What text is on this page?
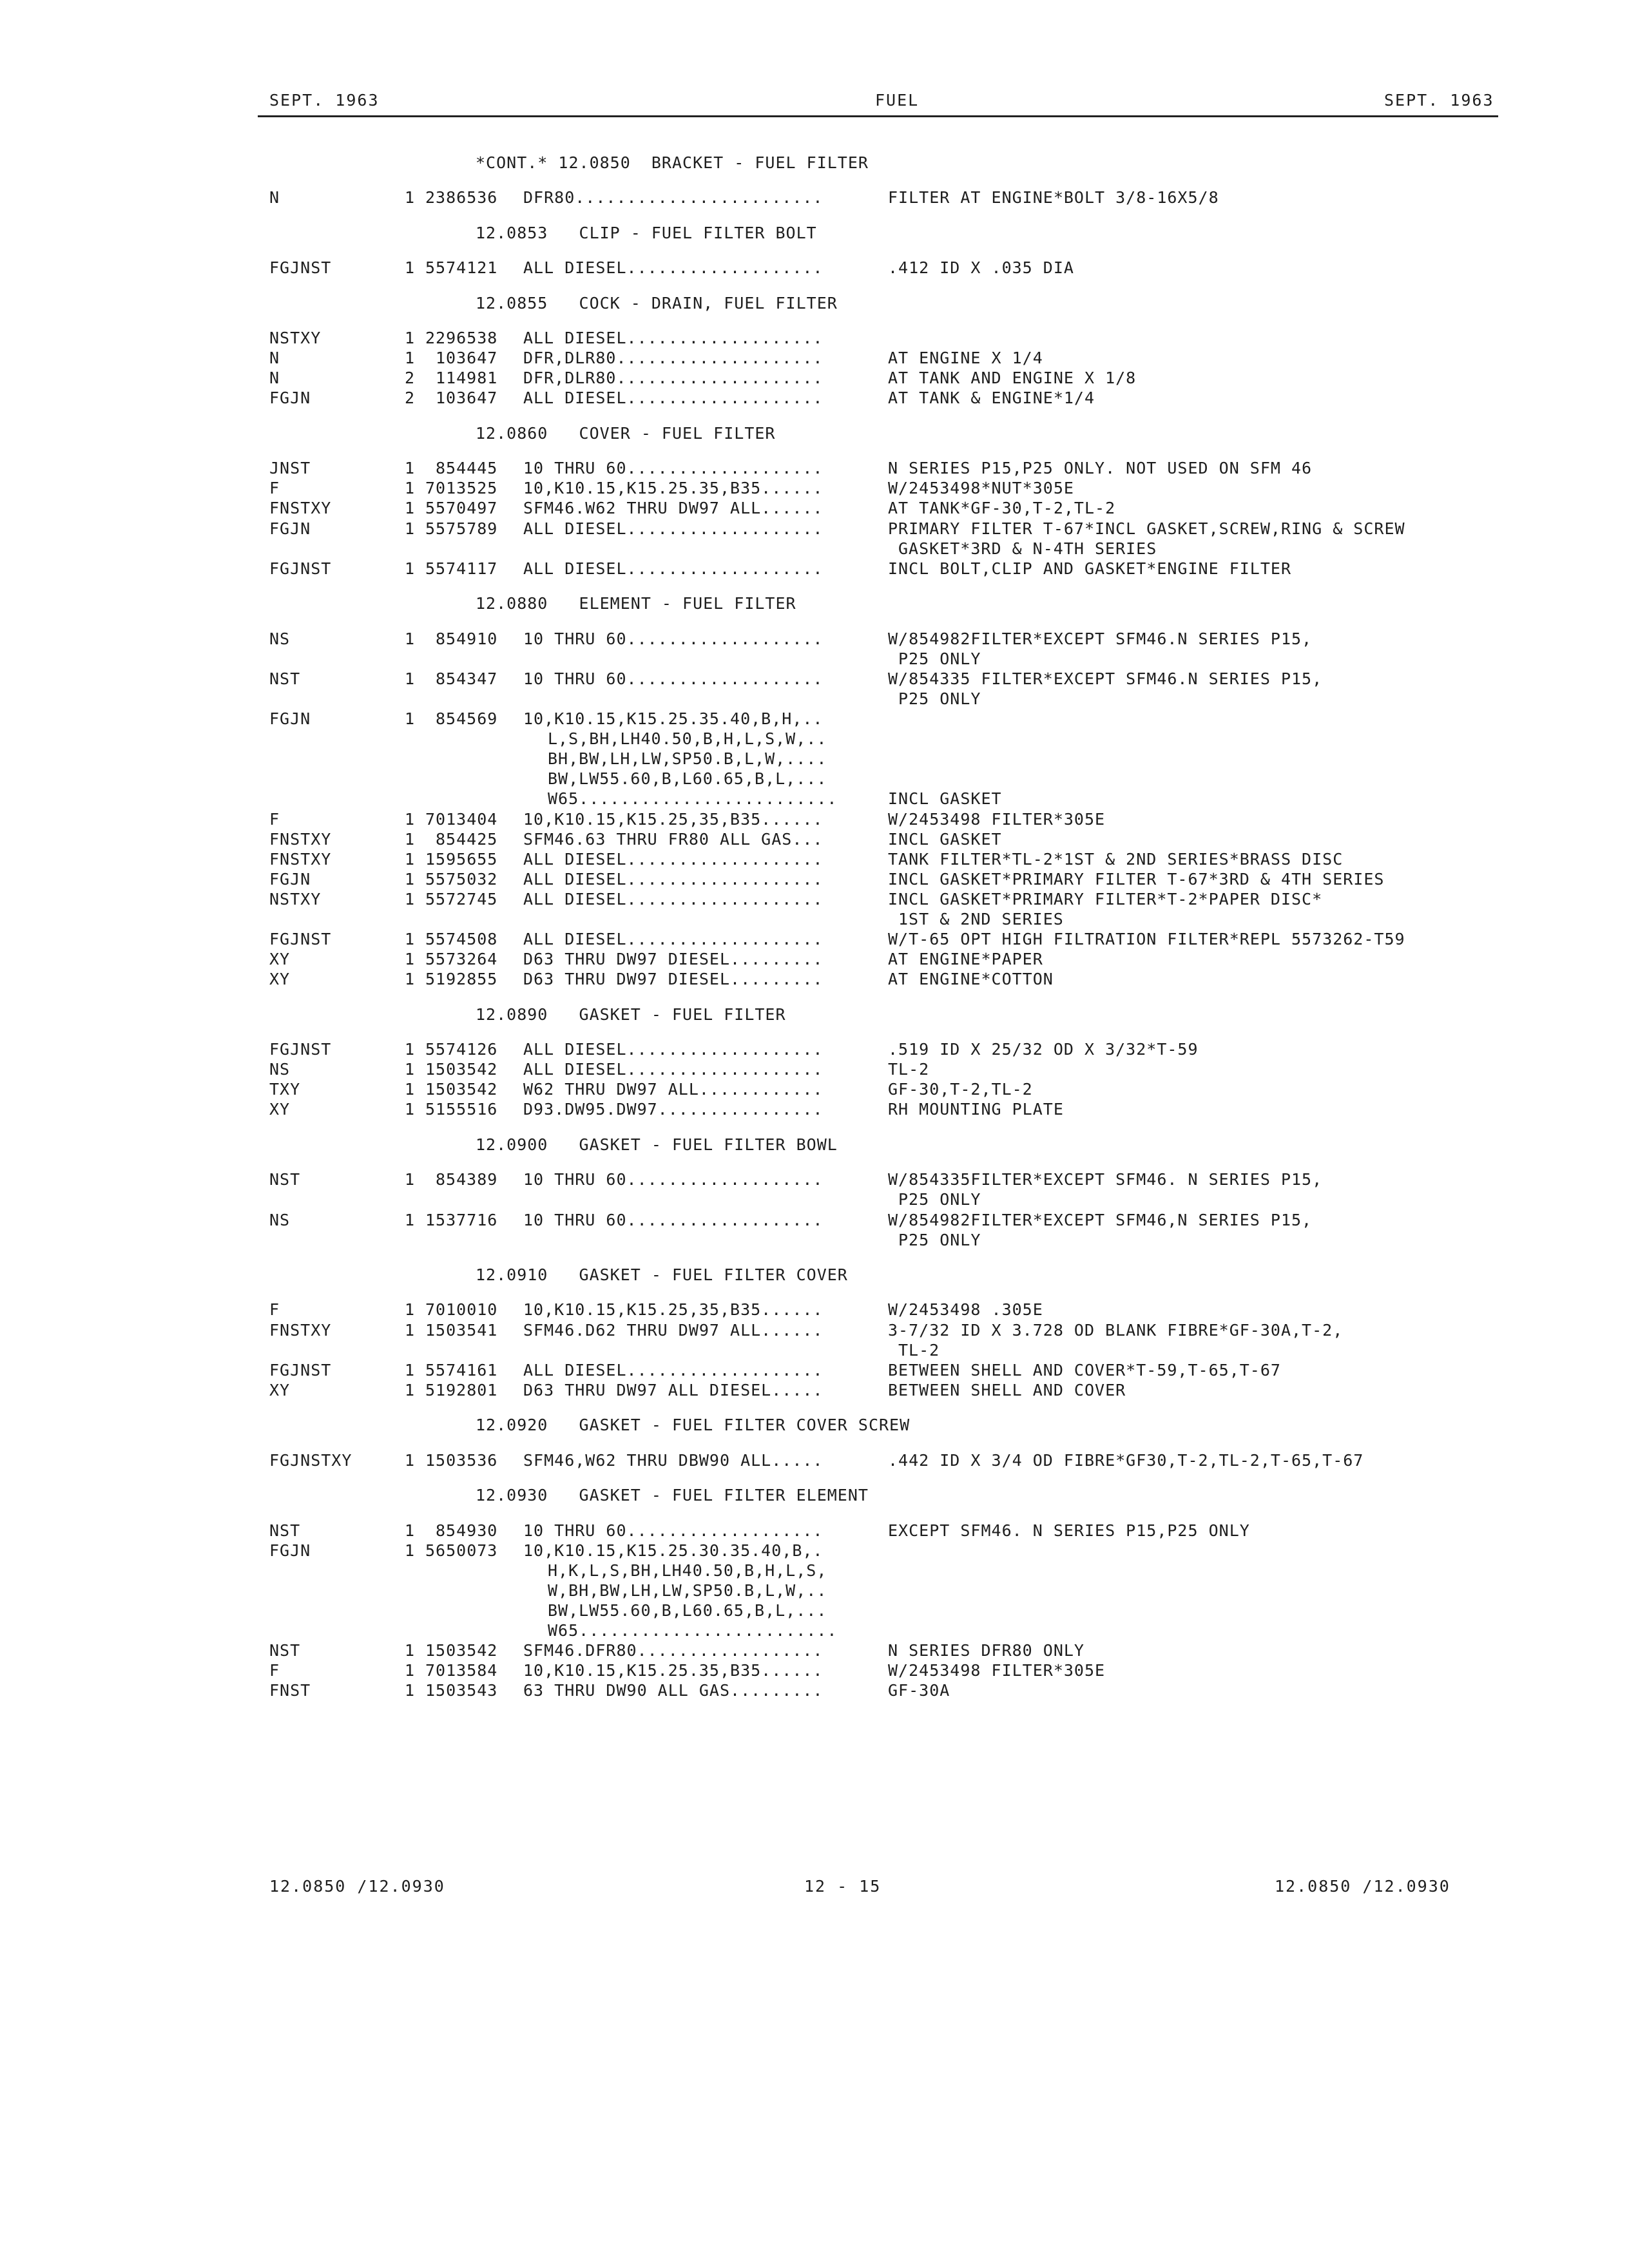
SEPT. 1963	FUEL	SEPT. 1963
*CONT.* 12.0850  BRACKET - FUEL FILTER
N	1 2386536 DFR80........................	FILTER AT ENGINE*BOLT 3/8-16X5/8
12.0853   CLIP - FUEL FILTER BOLT
FGJNST	1 5574121 ALL DIESEL...................	.412 ID X .035 DIA
12.0855   COCK - DRAIN, FUEL FILTER
NSTXY	1 2296538 ALL DIESEL...................
N	1 103647 DFR,DLR80....................	AT ENGINE X 1/4
N	2 114981 DFR,DLR80....................	AT TANK AND ENGINE X 1/8
FGJN	2 103647 ALL DIESEL...................	AT TANK & ENGINE*1/4
12.0860   COVER - FUEL FILTER
JNST	1 854445 10 THRU 60...................	N SERIES P15,P25 ONLY. NOT USED ON SFM 46
F	1 7013525 10,K10.15,K15.25.35,B35......	W/2453498*NUT*305E
FNSTXY	1 5570497 SFM46.W62 THRU DW97 ALL......	AT TANK*GF-30,T-2,TL-2
FGJN	1 5575789 ALL DIESEL...................	PRIMARY FILTER T-67*INCL GASKET,SCREW,RING & SCREW
GASKET*3RD & N-4TH SERIES
FGJNST	1 5574117 ALL DIESEL...................	INCL BOLT,CLIP AND GASKET*ENGINE FILTER
12.0880   ELEMENT - FUEL FILTER
NS	1 854910 10 THRU 60...................	W/854982FILTER*EXCEPT SFM46.N SERIES P15,
P25 ONLY
NST	1 854347 10 THRU 60...................	W/854335 FILTER*EXCEPT SFM46.N SERIES P15,
P25 ONLY
FGJN	1 854569 10,K10.15,K15.25.35.40,B,H,..
L,S,BH,LH40.50,B,H,L,S,W,..
BH,BW,LH,LW,SP50.B,L,W,....
BW,LW55.60,B,L60.65,B,L,...
W65.........................	INCL GASKET
F	1 7013404 10,K10.15,K15.25,35,B35......	W/2453498 FILTER*305E
FNSTXY	1 854425 SFM46.63 THRU FR80 ALL GAS...	INCL GASKET
FNSTXY	1 1595655 ALL DIESEL...................	TANK FILTER*TL-2*1ST & 2ND SERIES*BRASS DISC
FGJN	1 5575032 ALL DIESEL...................	INCL GASKET*PRIMARY FILTER T-67*3RD & 4TH SERIES
NSTXY	1 5572745 ALL DIESEL...................	INCL GASKET*PRIMARY FILTER*T-2*PAPER DISC*
1ST & 2ND SERIES
FGJNST	1 5574508 ALL DIESEL...................	W/T-65 OPT HIGH FILTRATION FILTER*REPL 5573262-T59
XY	1 5573264 D63 THRU DW97 DIESEL.........	AT ENGINE*PAPER
XY	1 5192855 D63 THRU DW97 DIESEL.........	AT ENGINE*COTTON
12.0890   GASKET - FUEL FILTER
FGJNST	1 5574126 ALL DIESEL...................	.519 ID X 25/32 OD X 3/32*T-59
NS	1 1503542 ALL DIESEL...................	TL-2
TXY	1 1503542 W62 THRU DW97 ALL............	GF-30,T-2,TL-2
XY	1 5155516 D93.DW95.DW97................	RH MOUNTING PLATE
12.0900   GASKET - FUEL FILTER BOWL
NST	1 854389 10 THRU 60...................	W/854335FILTER*EXCEPT SFM46. N SERIES P15,
P25 ONLY
NS	1 1537716 10 THRU 60...................	W/854982FILTER*EXCEPT SFM46,N SERIES P15,
P25 ONLY
12.0910   GASKET - FUEL FILTER COVER
F	1 7010010 10,K10.15,K15.25,35,B35......	W/2453498 .305E
FNSTXY	1 1503541 SFM46.D62 THRU DW97 ALL......	3-7/32 ID X 3.728 OD BLANK FIBRE*GF-30A,T-2,
TL-2
FGJNST	1 5574161 ALL DIESEL...................	BETWEEN SHELL AND COVER*T-59,T-65,T-67
XY	1 5192801 D63 THRU DW97 ALL DIESEL.....	BETWEEN SHELL AND COVER
12.0920   GASKET - FUEL FILTER COVER SCREW
FGJNSTXY	1 1503536 SFM46,W62 THRU DBW90 ALL.....	.442 ID X 3/4 OD FIBRE*GF30,T-2,TL-2,T-65,T-67
12.0930   GASKET - FUEL FILTER ELEMENT
NST	1 854930 10 THRU 60...................	EXCEPT SFM46. N SERIES P15,P25 ONLY
FGJN	1 5650073 10,K10.15,K15.25.30.35.40,B,.
H,K,L,S,BH,LH40.50,B,H,L,S,
W,BH,BW,LH,LW,SP50.B,L,W,..
BW,LW55.60,B,L60.65,B,L,...
W65.........................
NST	1 1503542 SFM46.DFR80..................	N SERIES DFR80 ONLY
F	1 7013584 10,K10.15,K15.25.35,B35......	W/2453498 FILTER*305E
FNST	1 1503543 63 THRU DW90 ALL GAS.........	GF-30A
12.0850 /12.0930	12 - 15	12.0850 /12.0930
